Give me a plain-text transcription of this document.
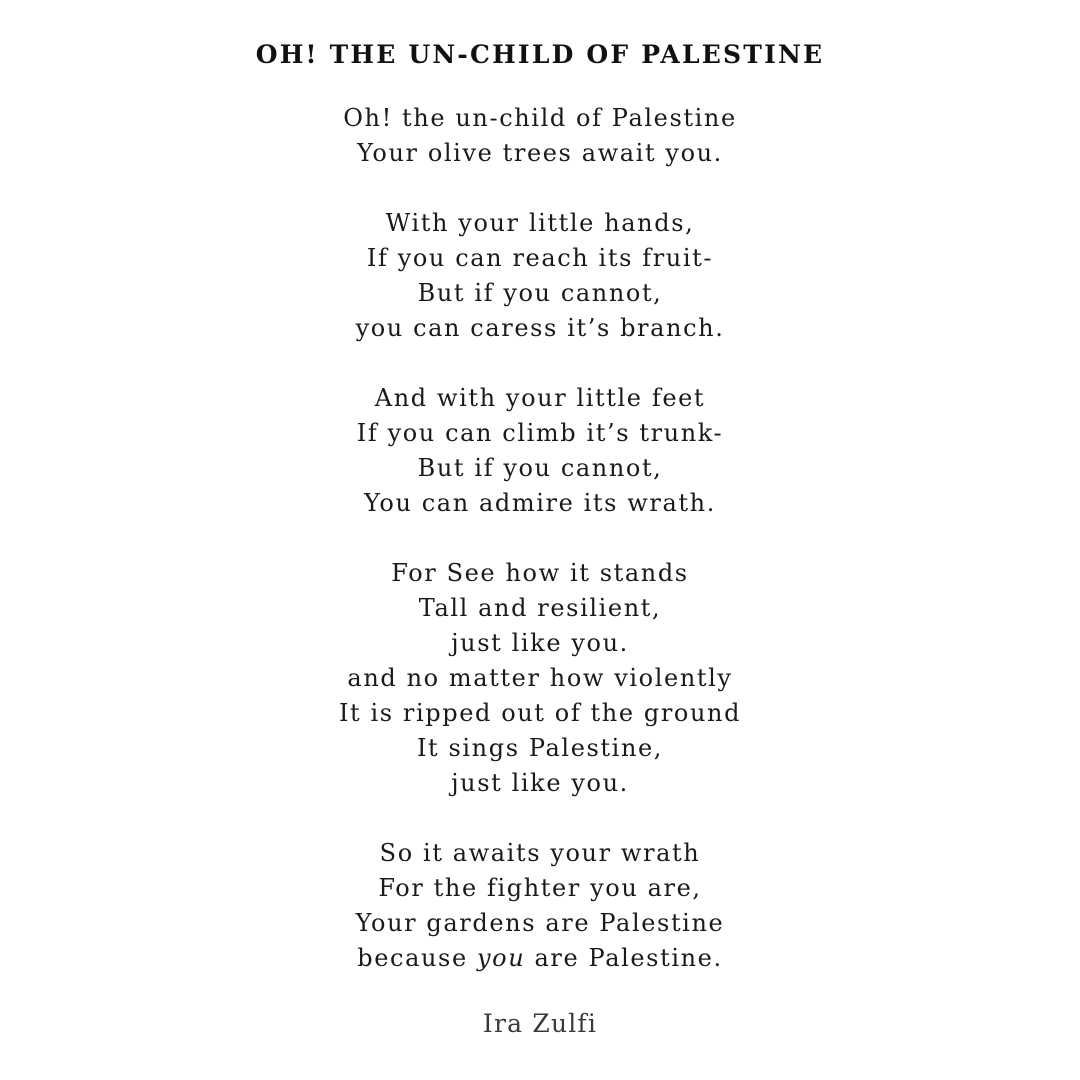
OH! THE UN-CHILD OF PALESTINE
Oh! the un-child of Palestine
Your olive trees await you.
With your little hands,
If you can reach its fruit-
But if you cannot,
you can caress it’s branch.
And with your little feet
If you can climb it’s trunk-
But if you cannot,
You can admire its wrath.
For See how it stands
Tall and resilient,
just like you.
and no matter how violently
It is ripped out of the ground
It sings Palestine,
just like you.
So it awaits your wrath
For the fighter you are,
Your gardens are Palestine
because you are Palestine.
Ira Zulfi
